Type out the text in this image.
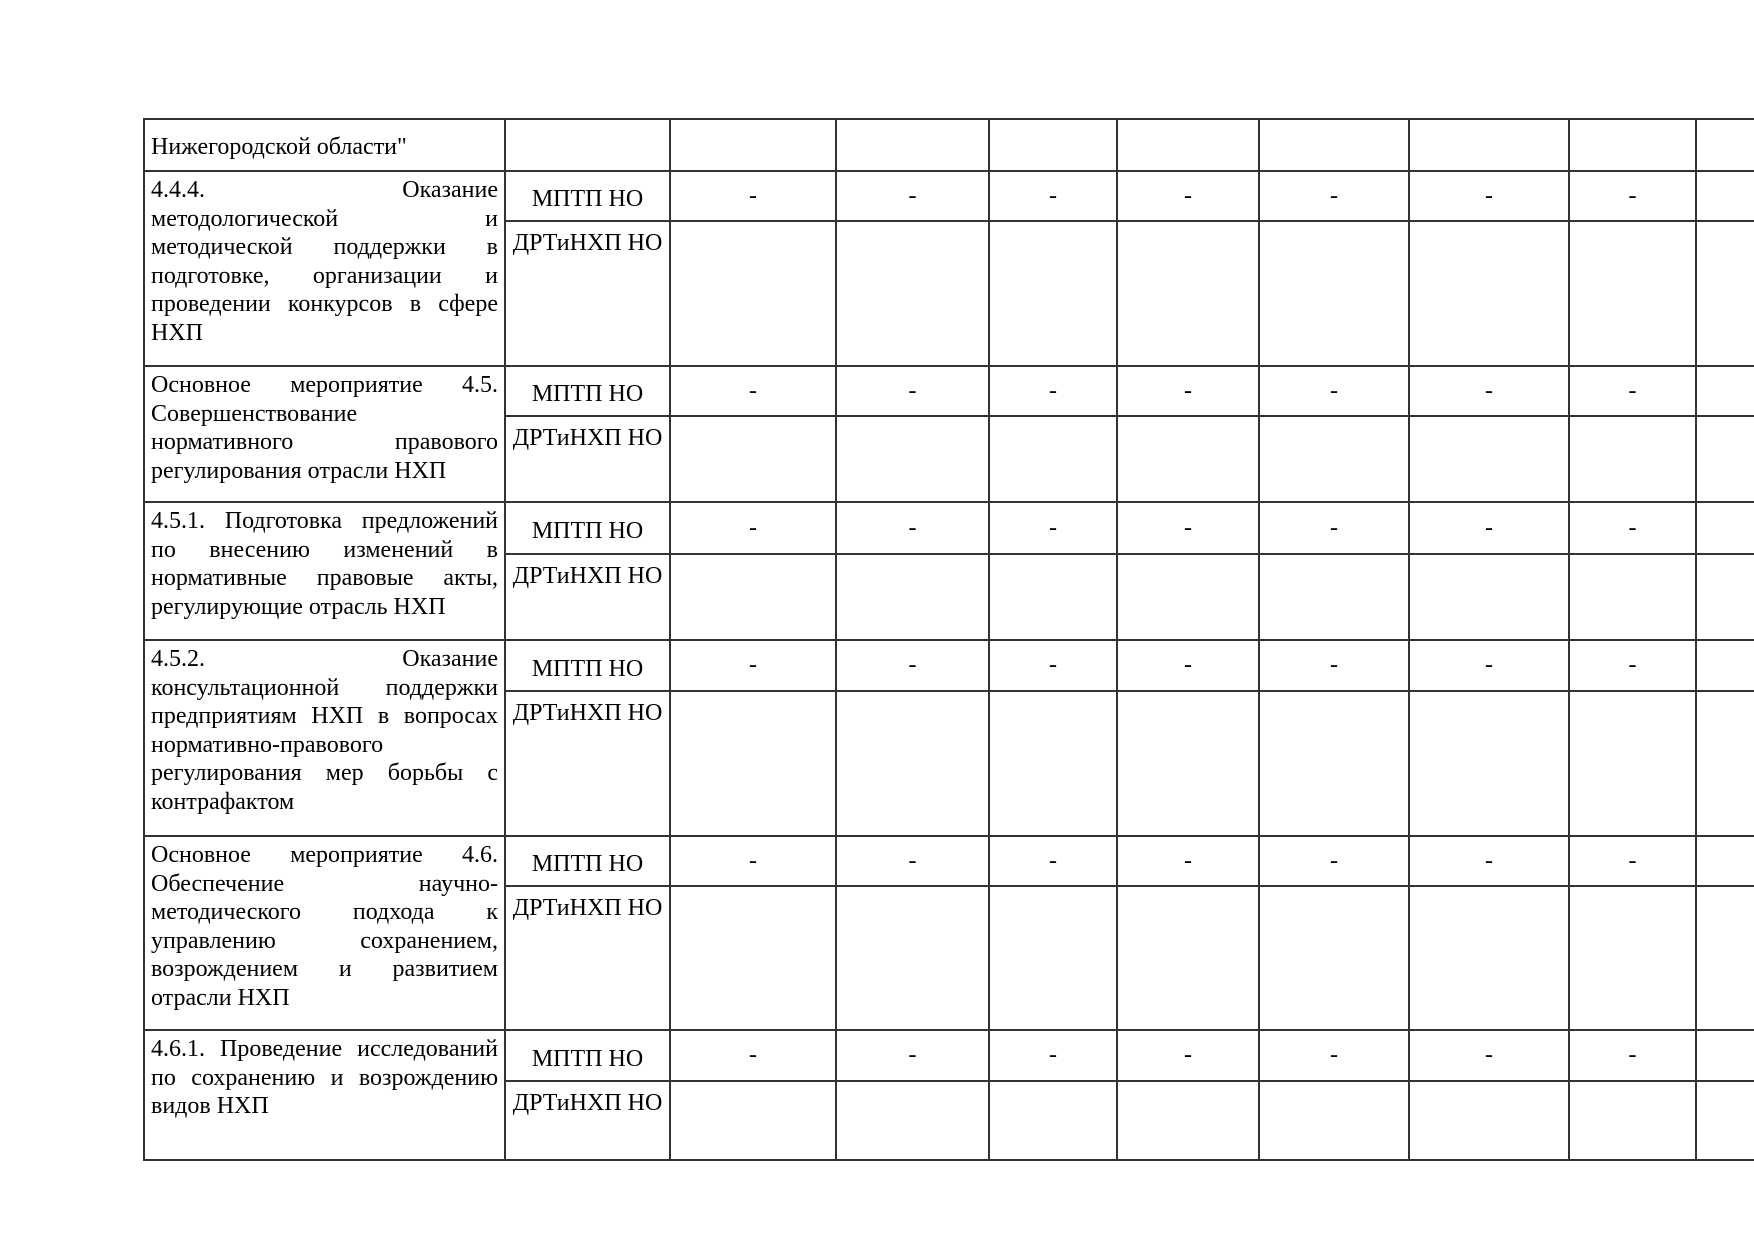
Нижегородской области"									

4.4.4. Оказание методологической и методической поддержки в подготовке, организации и проведении конкурсов в сфере НХП	МПТП НО	-	-	-	-	-	-	-	
	ДРТиНХП НО								

Основное мероприятие 4.5. Совершенствование нормативного правового регулирования отрасли НХП	МПТП НО	-	-	-	-	-	-	-	
	ДРТиНХП НО								

4.5.1. Подготовка предложений по внесению изменений в нормативные правовые акты, регулирующие отрасль НХП	МПТП НО	-	-	-	-	-	-	-	
	ДРТиНХП НО								

4.5.2. Оказание консультационной поддержки предприятиям НХП в вопросах нормативно-правового регулирования мер борьбы с контрафактом	МПТП НО	-	-	-	-	-	-	-	
	ДРТиНХП НО								

Основное мероприятие 4.6. Обеспечение научно-методического подхода к управлению сохранением, возрождением и развитием отрасли НХП	МПТП НО	-	-	-	-	-	-	-	
	ДРТиНХП НО								

4.6.1. Проведение исследований по сохранению и возрождению видов НХП	МПТП НО	-	-	-	-	-	-	-	
	ДРТиНХП НО								
